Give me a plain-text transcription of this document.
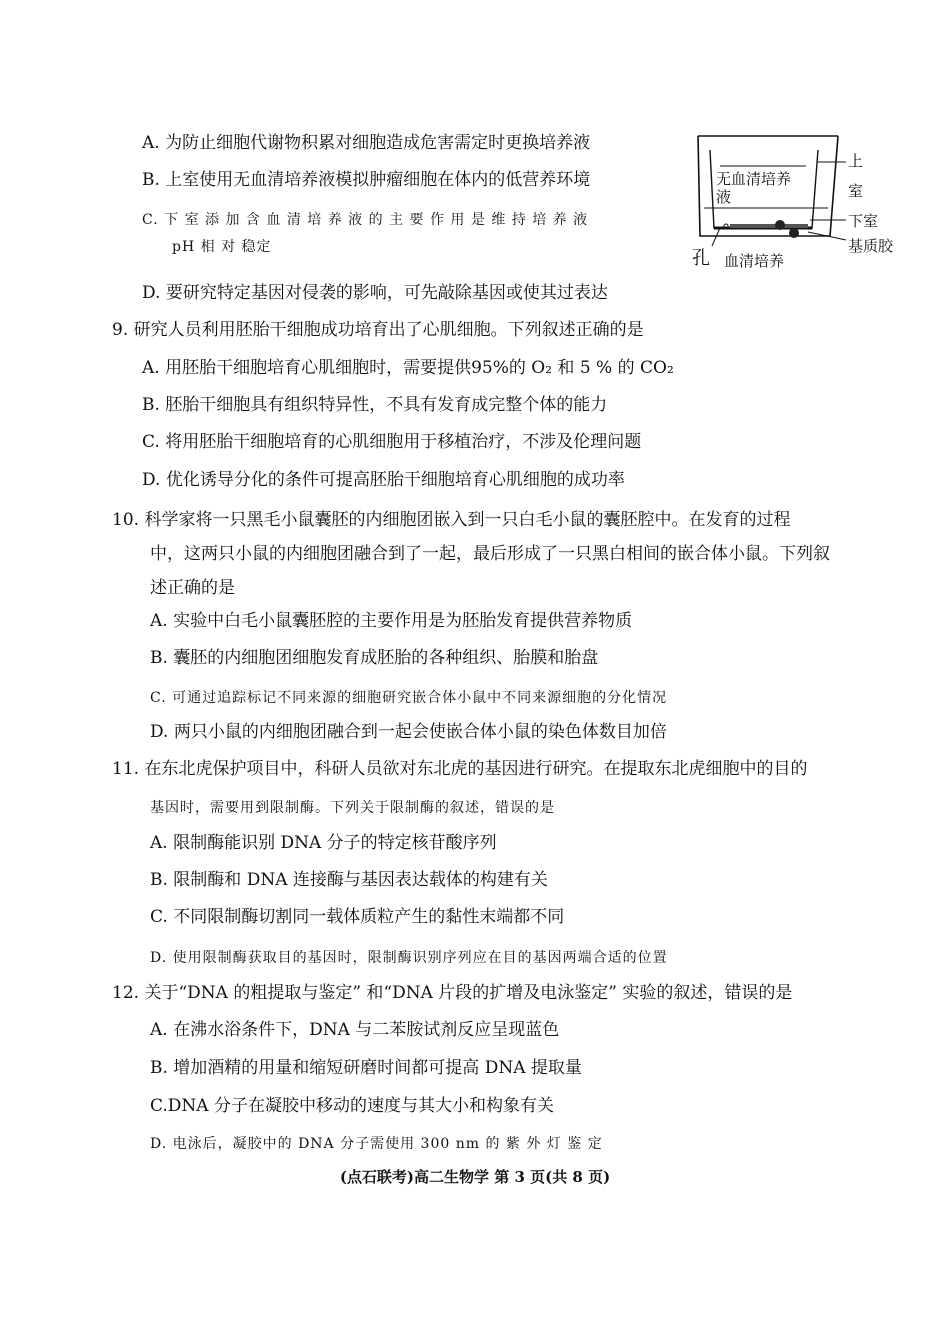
A. 为防止细胞代谢物积累对细胞造成危害需定时更换培养液
B. 上室使用无血清培养液模拟肿瘤细胞在体内的低营养环境
C. 下 室 添 加 含 血 清 培 养 液 的 主 要 作 用 是 维 持 培 养 液
pH 相 对 稳定
D. 要研究特定基因对侵袭的影响，可先敲除基因或使其过表达
无血清培养
液
上
室
下室
基质胶
孔 血清培养
9. 研究人员利用胚胎干细胞成功培育出了心肌细胞。下列叙述正确的是
A. 用胚胎干细胞培育心肌细胞时，需要提供95%的 O₂ 和 5 % 的 CO₂
B. 胚胎干细胞具有组织特异性，不具有发育成完整个体的能力
C. 将用胚胎干细胞培育的心肌细胞用于移植治疗，不涉及伦理问题
D. 优化诱导分化的条件可提高胚胎干细胞培育心肌细胞的成功率
10. 科学家将一只黑毛小鼠囊胚的内细胞团嵌入到一只白毛小鼠的囊胚腔中。在发育的过程
中，这两只小鼠的内细胞团融合到了一起，最后形成了一只黑白相间的嵌合体小鼠。下列叙
述正确的是
A. 实验中白毛小鼠囊胚腔的主要作用是为胚胎发育提供营养物质
B. 囊胚的内细胞团细胞发育成胚胎的各种组织、胎膜和胎盘
C. 可通过追踪标记不同来源的细胞研究嵌合体小鼠中不同来源细胞的分化情况
D. 两只小鼠的内细胞团融合到一起会使嵌合体小鼠的染色体数目加倍
11. 在东北虎保护项目中，科研人员欲对东北虎的基因进行研究。在提取东北虎细胞中的目的
基因时，需要用到限制酶。下列关于限制酶的叙述，错误的是
A. 限制酶能识别 DNA 分子的特定核苷酸序列
B. 限制酶和 DNA 连接酶与基因表达载体的构建有关
C. 不同限制酶切割同一载体质粒产生的黏性末端都不同
D. 使用限制酶获取目的基因时，限制酶识别序列应在目的基因两端合适的位置
12. 关于“DNA 的粗提取与鉴定” 和“DNA 片段的扩增及电泳鉴定” 实验的叙述，错误的是
A. 在沸水浴条件下，DNA 与二苯胺试剂反应呈现蓝色
B. 增加酒精的用量和缩短研磨时间都可提高 DNA 提取量
C.DNA 分子在凝胶中移动的速度与其大小和构象有关
D. 电泳后，凝胶中的 DNA 分子需使用 300 nm 的 紫 外 灯 鉴 定
(点石联考)高二生物学 第 3 页(共 8 页)
